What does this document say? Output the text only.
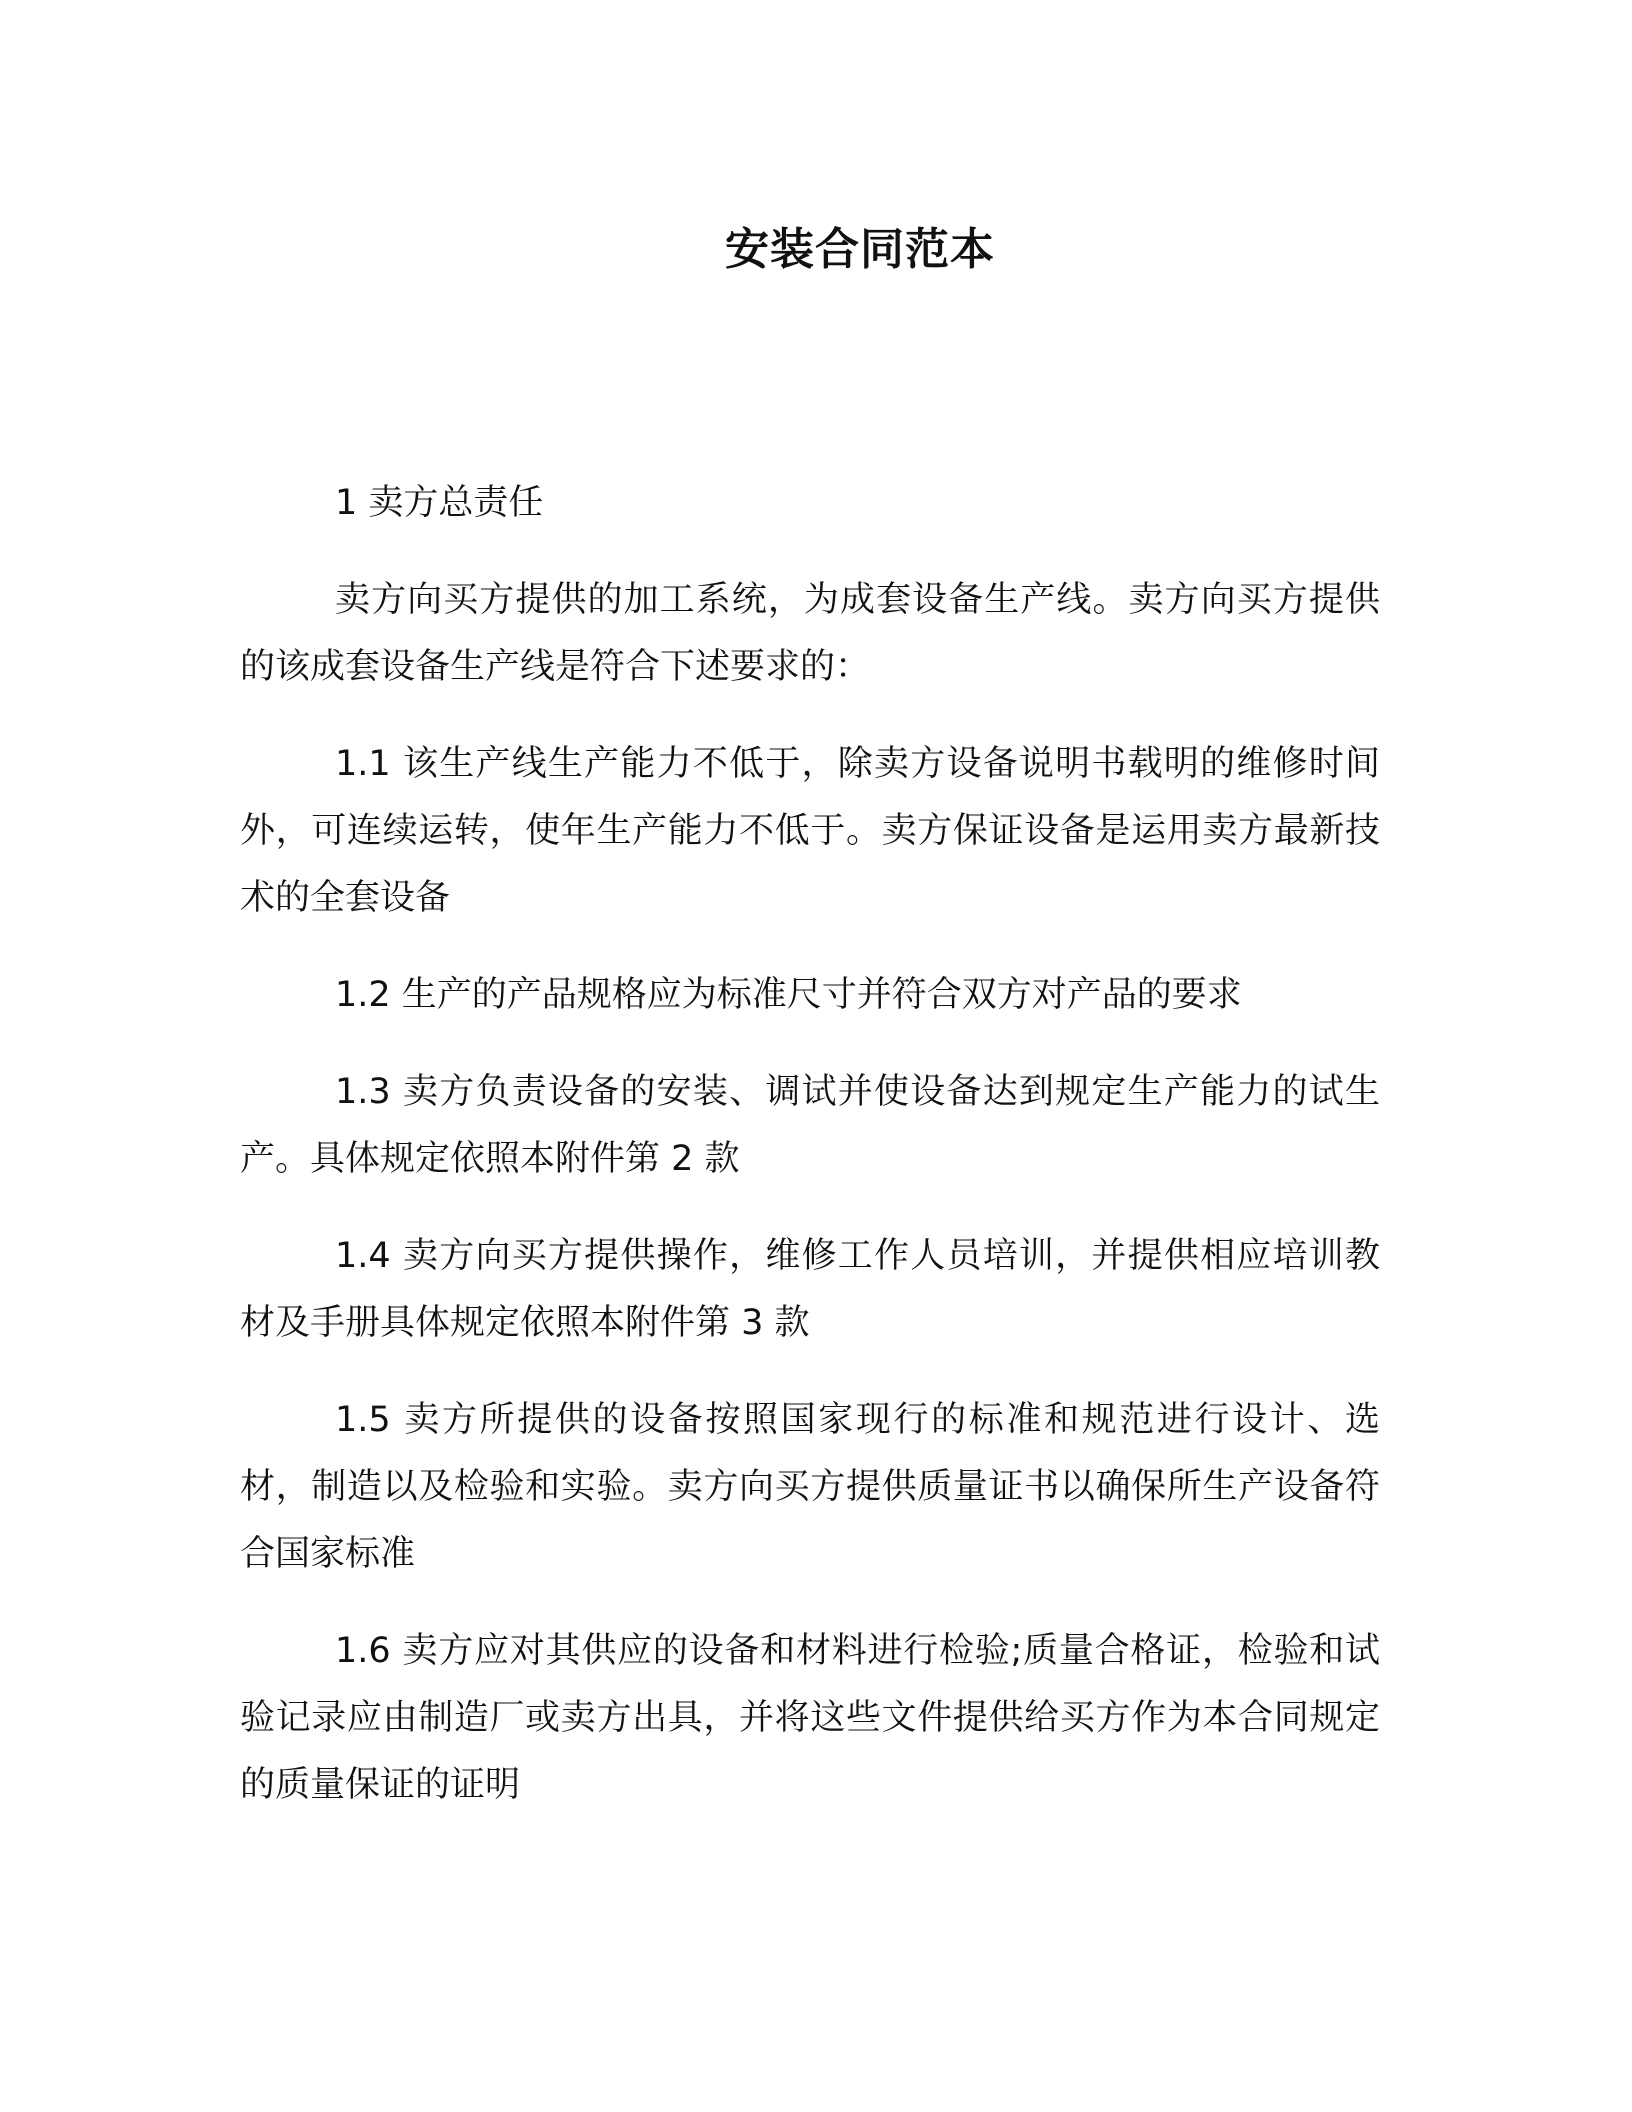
安装合同范本

1 卖方总责任

卖方向买方提供的加工系统，为成套设备生产线。卖方向买方提供的该成套设备生产线是符合下述要求的：

1.1 该生产线生产能力不低于，除卖方设备说明书载明的维修时间外，可连续运转，使年生产能力不低于。卖方保证设备是运用卖方最新技术的全套设备

1.2 生产的产品规格应为标准尺寸并符合双方对产品的要求

1.3 卖方负责设备的安装、调试并使设备达到规定生产能力的试生产。具体规定依照本附件第 2 款

1.4 卖方向买方提供操作，维修工作人员培训，并提供相应培训教材及手册具体规定依照本附件第 3 款

1.5 卖方所提供的设备按照国家现行的标准和规范进行设计、选材，制造以及检验和实验。卖方向买方提供质量证书以确保所生产设备符合国家标准

1.6 卖方应对其供应的设备和材料进行检验;质量合格证，检验和试验记录应由制造厂或卖方出具，并将这些文件提供给买方作为本合同规定的质量保证的证明
